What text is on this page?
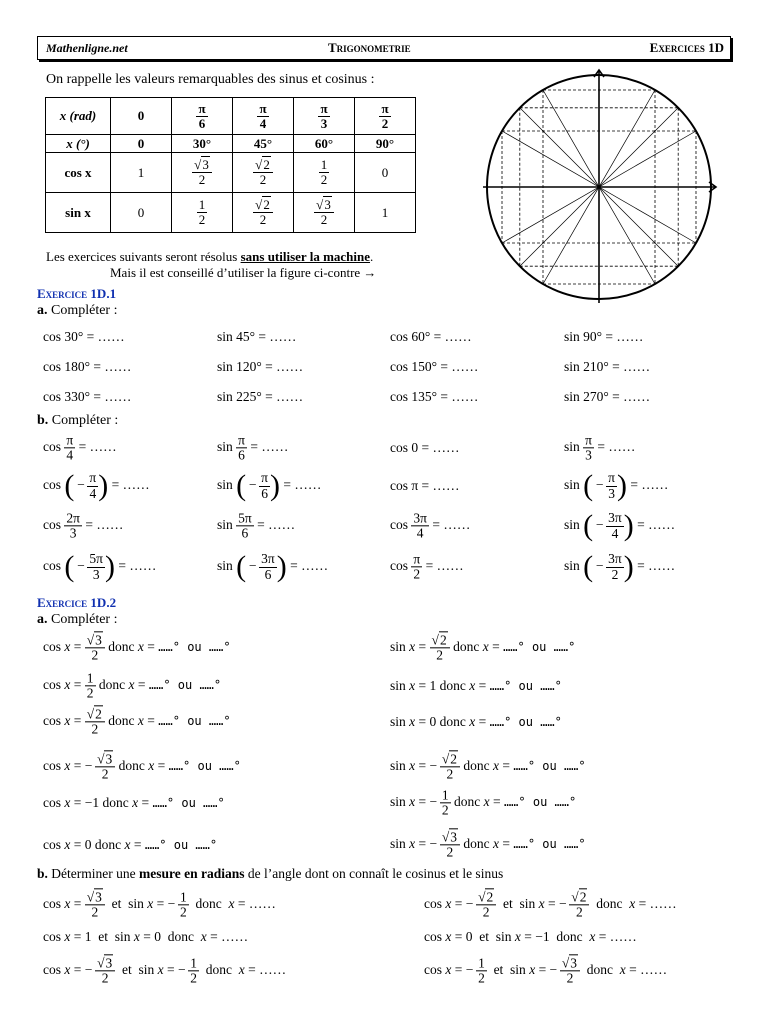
Mathenligne.net	Trigonometrie	Exercices 1D
On rappelle les valeurs remarquables des sinus et cosinus :
x (rad)	0	$\frac{\pi}{6}$	$\frac{\pi}{4}$	$\frac{\pi}{3}$	$\frac{\pi}{2}$

x (°)	0	30°	45°	60°	90°
cos x	1	$\frac{√3}{2}$	$\frac{√2}{2}$	$\frac{1}{2}$	0
sin x	0	$\frac{1}{2}$	$\frac{√2}{2}$	$\frac{√3}{2}$	1
Les exercices suivants seront résolus sans utiliser la machine.
Mais il est conseillé d’utiliser la figure ci-contre →
Exercice 1D.1
a. Compléter :
cos 30° = ……	sin 45° = ……	cos 60° = ……	sin 90° = ……
cos 180° = ……	sin 120° = ……	cos 150° = ……	sin 210° = ……
cos 330° = ……	sin 225° = ……	cos 135° = ……	sin 270° = ……
b. Compléter :
$\cos \frac{\pi}{4}$ = ……	$\sin \frac{\pi}{6}$ = ……	cos 0 = ……	$\sin \frac{\pi}{3}$ = ……
cos ( −  $\frac{\pi}{4}$ ) = ……	sin ( −  $\frac{\pi}{6}$ ) = ……	cos π = ……	sin ( −  $\frac{\pi}{3}$ ) = ……
$\cos \frac{2\pi}{3}$ = ……	$\sin \frac{5\pi}{6}$ = ……	$\cos \frac{3\pi}{4}$ = ……	sin ( −  $\frac{3\pi}{4}$ ) = ……
cos ( −  $\frac{5\pi}{3}$ ) = ……	sin ( −  $\frac{3\pi}{6}$ ) = ……	$\cos \frac{\pi}{2}$ = ……	sin ( −  $\frac{3\pi}{2}$ ) = ……
Exercice 1D.2
a. Compléter :
$\cos x = \frac{√3}{2}$ donc x = ……° ou ……°	$\sin x = \frac{√2}{2}$ donc x = ……° ou ……°
$\cos x = \frac{1}{2}$ donc x = ……° ou ……°	sin x = 1 donc x = ……° ou ……°
$\cos x = \frac{√2}{2}$ donc x = ……° ou ……°	sin x = 0 donc x = ……° ou ……°
cos x = −  $\frac{√3}{2}$ donc x = ……° ou ……°	sin x = −  $\frac{√2}{2}$ donc x = ……° ou ……°
cos x = −1 donc x = ……° ou ……°	sin x = −  $\frac{1}{2}$ donc x = ……° ou ……°
cos x = 0 donc x = ……° ou ……°	sin x = −  $\frac{√3}{2}$ donc x = ……° ou ……°
b. Déterminer une mesure en radians de l’angle dont on connaît le cosinus et le sinus
$\cos x = \frac{√3}{2}$ et  sin x = −  $\frac{1}{2}$ donc  x = ……	cos x = −  $\frac{√2}{2}$ et  sin x = −  $\frac{√2}{2}$ donc  x = ……
cos x = 1  et  sin x = 0  donc  x = ……	cos x = 0  et  sin x = −1  donc  x = ……
cos x = −  $\frac{√3}{2}$ et  sin x = −  $\frac{1}{2}$ donc  x = ……	cos x = −  $\frac{1}{2}$ et  sin x = −  $\frac{√3}{2}$ donc  x = ……
